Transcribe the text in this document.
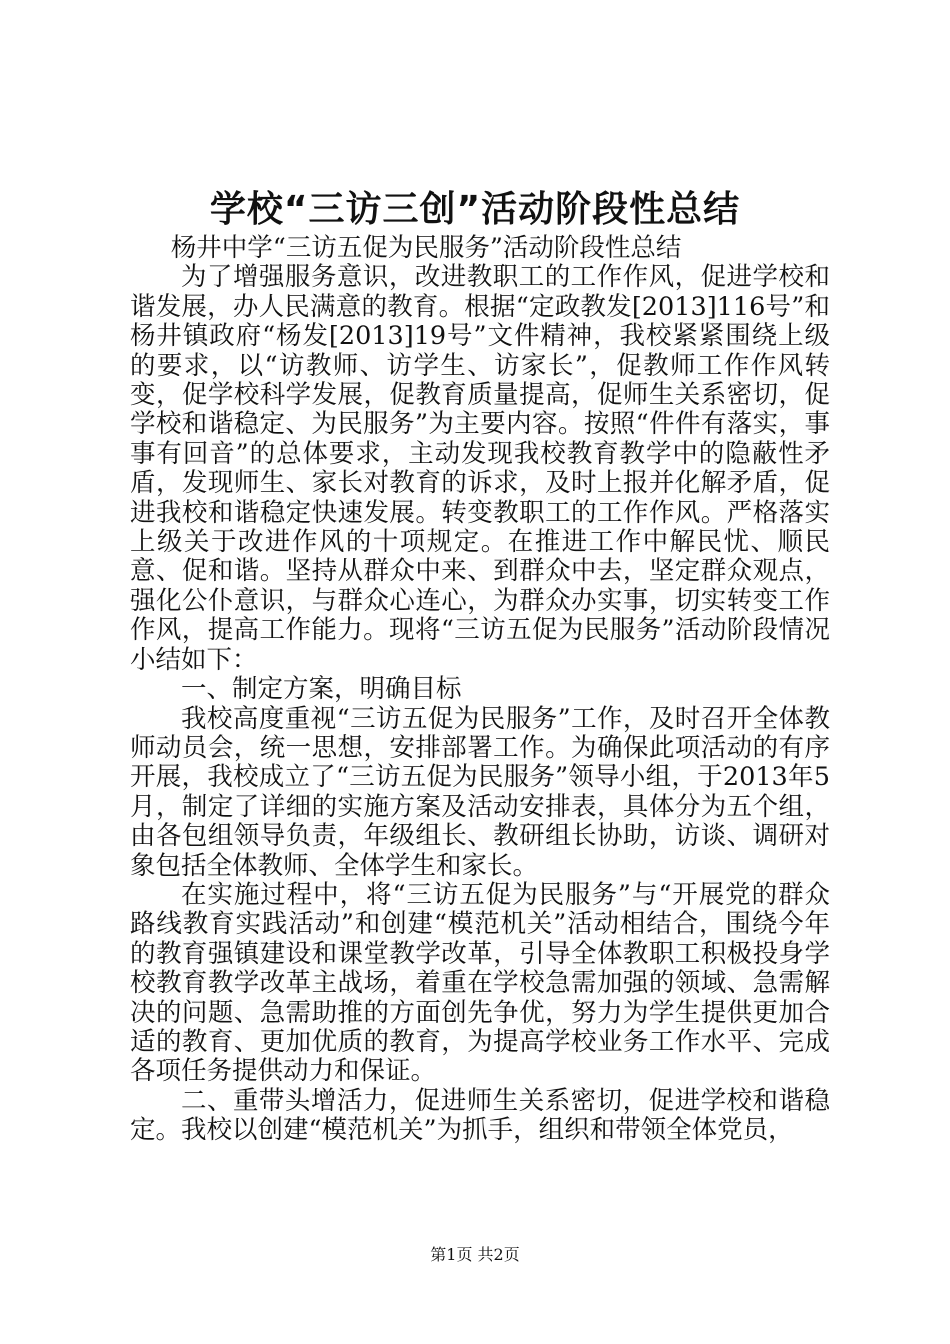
学校“三访三创”活动阶段性总结

杨井中学“三访五促为民服务”活动阶段性总结

为了增强服务意识，改进教职工的工作作风，促进学校和谐发展，办人民满意的教育。根据“定政教发[2013]116号”和杨井镇政府“杨发[2013]19号”文件精神，我校紧紧围绕上级的要求，以“访教师、访学生、访家长”，促教师工作作风转变，促学校科学发展，促教育质量提高，促师生关系密切，促学校和谐稳定、为民服务”为主要内容。按照“件件有落实，事事有回音”的总体要求，主动发现我校教育教学中的隐蔽性矛盾，发现师生、家长对教育的诉求，及时上报并化解矛盾，促进我校和谐稳定快速发展。转变教职工的工作作风。严格落实上级关于改进作风的十项规定。在推进工作中解民忧、顺民意、促和谐。坚持从群众中来、到群众中去，坚定群众观点，强化公仆意识，与群众心连心，为群众办实事，切实转变工作作风，提高工作能力。现将“三访五促为民服务”活动阶段情况小结如下：

一、制定方案，明确目标

我校高度重视“三访五促为民服务”工作，及时召开全体教师动员会，统一思想，安排部署工作。为确保此项活动的有序开展，我校成立了“三访五促为民服务”领导小组，于2013年5月，制定了详细的实施方案及活动安排表，具体分为五个组，由各包组领导负责，年级组长、教研组长协助，访谈、调研对象包括全体教师、全体学生和家长。

在实施过程中，将“三访五促为民服务”与“开展党的群众路线教育实践活动”和创建“模范机关”活动相结合，围绕今年的教育强镇建设和课堂教学改革，引导全体教职工积极投身学校教育教学改革主战场，着重在学校急需加强的领域、急需解决的问题、急需助推的方面创先争优，努力为学生提供更加合适的教育、更加优质的教育，为提高学校业务工作水平、完成各项任务提供动力和保证。

二、重带头增活力，促进师生关系密切，促进学校和谐稳定。我校以创建“模范机关”为抓手，组织和带领全体党员，

第1页 共2页
